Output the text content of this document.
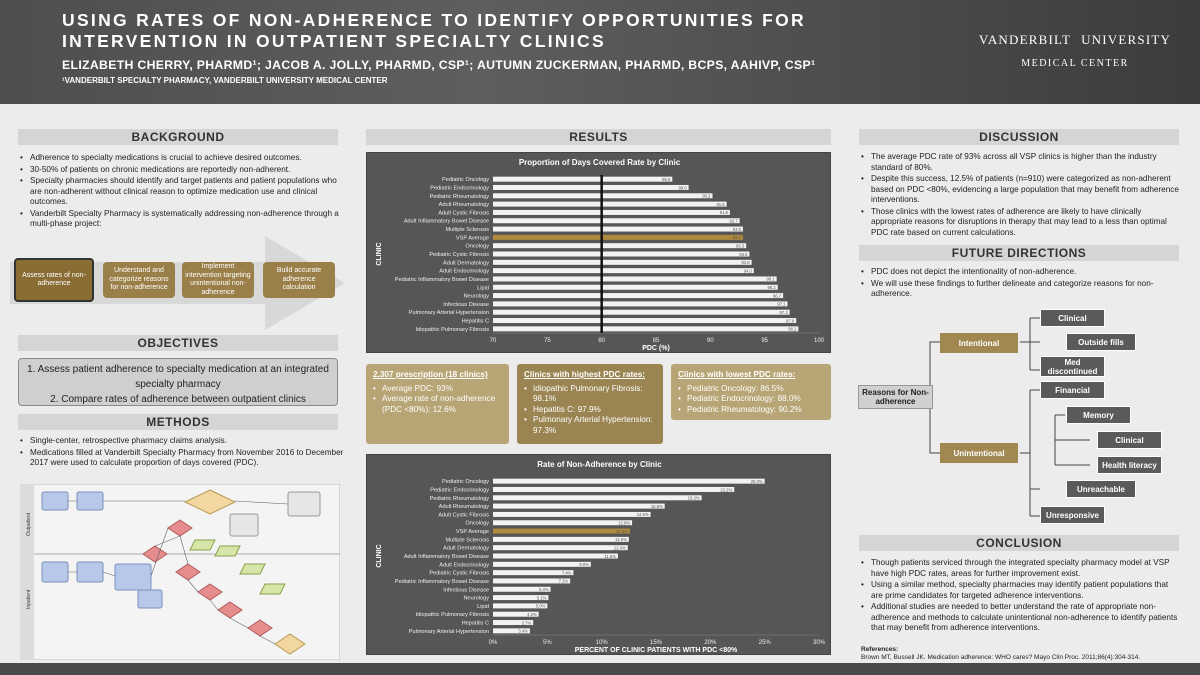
USING RATES OF NON-ADHERENCE TO IDENTIFY OPPORTUNITIES FOR INTERVENTION IN OUTPATIENT SPECIALTY CLINICS
ELIZABETH CHERRY, PHARMD¹; JACOB A. JOLLY, PHARMD, CSP¹; AUTUMN ZUCKERMAN, PHARMD, BCPS, AAHIVP, CSP¹
¹VANDERBILT SPECIALTY PHARMACY, VANDERBILT UNIVERSITY MEDICAL CENTER
VANDERBILT UNIVERSITY
MEDICAL CENTER
BACKGROUND
• Adherence to specialty medications is crucial to achieve desired outcomes.
• 30-50% of patients on chronic medications are reportedly non-adherent.
• Specialty pharmacies should identify and target patients and patient populations who are non-adherent without clinical reason to optimize medication use and clinical outcomes.
• Vanderbilt Specialty Pharmacy is systematically addressing non-adherence through a multi-phase project:
Assess rates of non-adherence
Understand and categorize reasons for non-adherence
Implement intervention targeting unintentional non-adherence
Build accurate adherence calculation
OBJECTIVES
1. Assess patient adherence to specialty medication at an integrated specialty pharmacy
2. Compare rates of adherence between outpatient clinics
METHODS
• Single-center, retrospective pharmacy claims analysis.
• Medications filled at Vanderbilt Specialty Pharmacy from November 2016 to December 2017 were used to calculate proportion of days covered (PDC).
Outpatient
Inpatient
RESULTS
Proportion of Days Covered Rate by Clinic
CLINIC
PDC (%)
70	75	80	85	90	95	100
Pediatric Oncology	86.5
Pediatric Endocrinology	88.0
Pediatric Rheumatology	90.2
Adult Rheumatology	91.5
Adult Cystic Fibrosis	91.8
Adult Inflammatory Bowel Disease	92.7
Multiple Sclerosis	93.0
VSP Average	93.0
Oncology	93.3
Pediatric Cystic Fibrosis	93.6
Adult Dermatology	93.8
Adult Endocrinology	94.0
Pediatric Inflammatory Bowel Disease	96.1
Lipid	96.2
Neurology	96.7
Infectious Disease	97.1
Pulmonary Arterial Hypertension	97.3
Hepatitis C	97.9
Idiopathic Pulmonary Fibrosis	98.1
2,307 prescription (18 clinics)
• Average PDC: 93%
• Average rate of non-adherence (PDC <80%): 12.6%
Clinics with highest PDC rates:
• Idiopathic Pulmonary Fibrosis: 98.1%
• Hepatitis C: 97.9%
• Pulmonary Arterial Hypertension: 97.3%
Clinics with lowest PDC rates:
• Pediatric Oncology: 86.5%
• Pediatric Endocrinology: 88.0%
• Pediatric Rheumatology: 90.2%
Rate of Non-Adherence by Clinic
CLINIC
PERCENT OF CLINIC PATIENTS WITH PDC <80%
0%	5%	10%	15%	20%	25%	30%
Pediatric Oncology	25.0%
Pediatric Endocrinology	22.2%
Pediatric Rheumatology	19.2%
Adult Rheumatology	15.8%
Adult Cystic Fibrosis	14.5%
Oncology	12.8%
VSP Average	12.6%
Multiple Sclerosis	12.5%
Adult Dermatology	12.4%
Adult Inflammatory Bowel Disease	11.5%
Adult Endocrinology	9.0%
Pediatric Cystic Fibrosis	7.4%
Pediatric Inflammatory Bowel Disease	7.1%
Infectious Disease	5.3%
Neurology	5.1%
Lipid	5.0%
Idiopathic Pulmonary Fibrosis	4.2%
Hepatitis C	3.7%
Pulmonary Arterial Hypertension	3.4%
DISCUSSION
• The average PDC rate of 93% across all VSP clinics is higher than the industry standard of 80%.
• Despite this success, 12.5% of patients (n=910) were categorized as non-adherent based on PDC <80%, evidencing a large population that may benefit from adherence interventions.
• Those clinics with the lowest rates of adherence are likely to have clinically appropriate reasons for disruptions in therapy that may lead to a less than optimal PDC rate based on current calculations.
FUTURE DIRECTIONS
• PDC does not depict the intentionality of non-adherence.
• We will use these findings to further delineate and categorize reasons for non-adherence.
Reasons for Non-adherence
Intentional
Unintentional
Clinical
Outside fills
Med discontinued
Financial
Memory
Clinical
Health literacy
Unreachable
Unresponsive
CONCLUSION
• Though patients serviced through the integrated specialty pharmacy model at VSP have high PDC rates, areas for further improvement exist.
• Using a similar method, specialty pharmacies may identify patient populations that are prime candidates for targeted adherence interventions.
• Additional studies are needed to better understand the rate of appropriate non-adherence and methods to calculate unintentional non-adherence to identify patients that may benefit from adherence interventions.
References:
Brown MT, Bussell JK. Medication adherence: WHO cares? Mayo Clin Proc. 2011;86(4):304-314.
